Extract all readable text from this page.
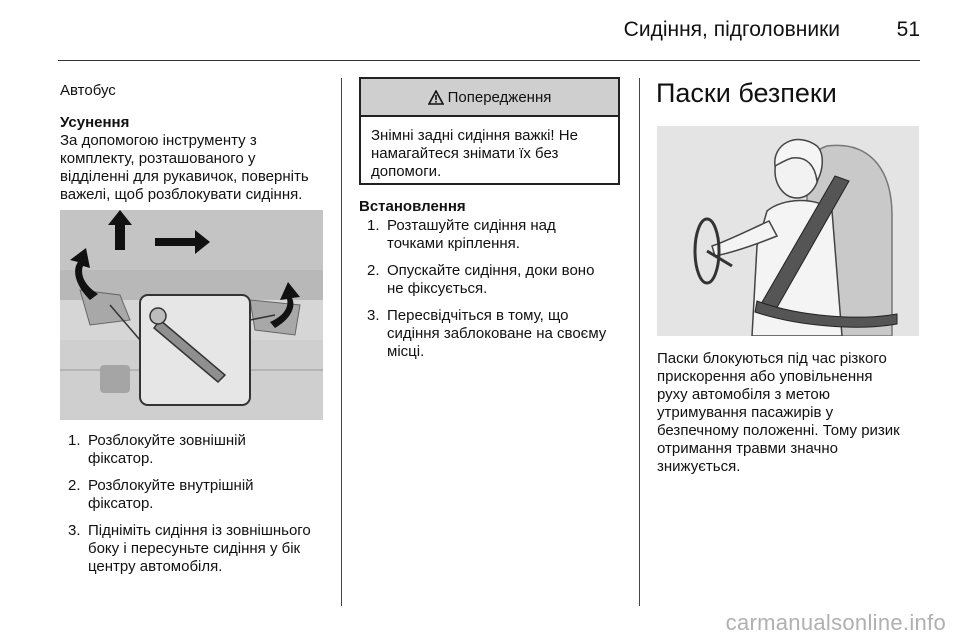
Сидіння, підголовники	51

Автобус

Усунення

За допомогою інструменту з

комплекту, розташованого у

відділенні для рукавичок, поверніть

важелі, щоб розблокувати сидіння.

1. Розблокуйте зовнішній
фіксатор.
2. Розблокуйте внутрішній
фіксатор.
3. Підніміть сидіння із зовнішнього
боку і пересуньте сидіння у бік
центру автомобіля.
Попередження
Знімні задні сидіння важкі! Не
намагайтеся знімати їх без
допомоги.

Встановлення

1. Розташуйте сидіння над
точками кріплення.
2. Опускайте сидіння, доки воно
не фіксується.
3. Пересвідчіться в тому, що
сидіння заблоковане на своєму
місці.
Паски безпеки
Паски блокуються під час різкого
прискорення або уповільнення
руху автомобіля з метою
утримування пасажирів у
безпечному положенні. Тому ризик
отримання травми значно
знижується.
carmanualsonline.info
